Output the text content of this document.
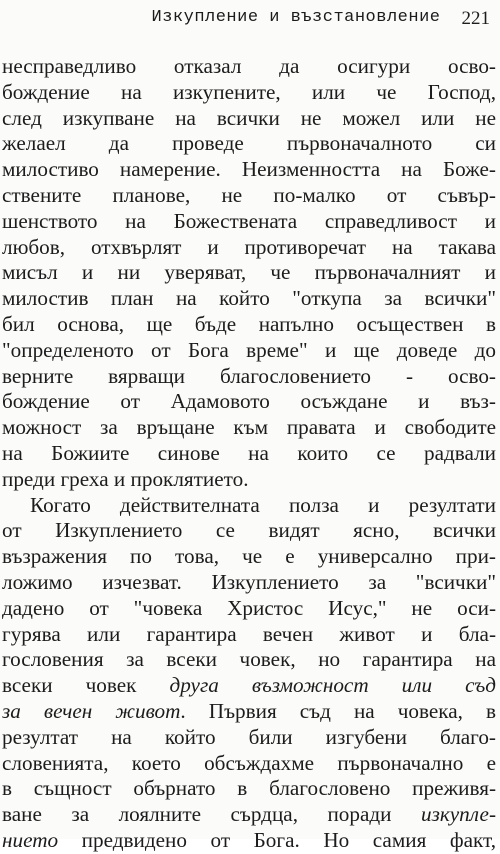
Изкупление и възстановление 221
несправедливо отказал да осигури осво-
бождение на изкупените, или че Господ,
след изкупване на всички не можел или не
желаел да проведе първоначалното си
милостиво намерение. Неизменността на Боже-
ствените планове, не по-малко от съвър-
шенството на Божествената справедливост и
любов, отхвърлят и противоречат на такава
мисъл и ни уверяват, че първоначалният и
милостив план на който "откупа за всички"
бил основа, ще бъде напълно осъществен в
"определеното от Бога време" и ще доведе до
верните вярващи благословението - осво-
бождение от Адамовото осъждане и въз-
можност за връщане към правата и свободите
на Божиите синове на които се радвали
преди греха и проклятието.
Когато действителната полза и резултати
от Изкуплението се видят ясно, всички
възражения по това, че е универсално при-
ложимо изчезват. Изкуплението за "всички"
дадено от "човека Христос Исус," не оси-
гурява или гарантира вечен живот и бла-
гословения за всеки човек, но гарантира на
всеки човек друга възможност или съд
за вечен живот. Първия съд на човека, в
резултат на който били изгубени благо-
словенията, което обсъждахме първоначално е
в същност обърнато в благословено преживя-
ване за лоялните сърдца, поради изкупле-
нието предвидено от Бога. Но самия факт,
